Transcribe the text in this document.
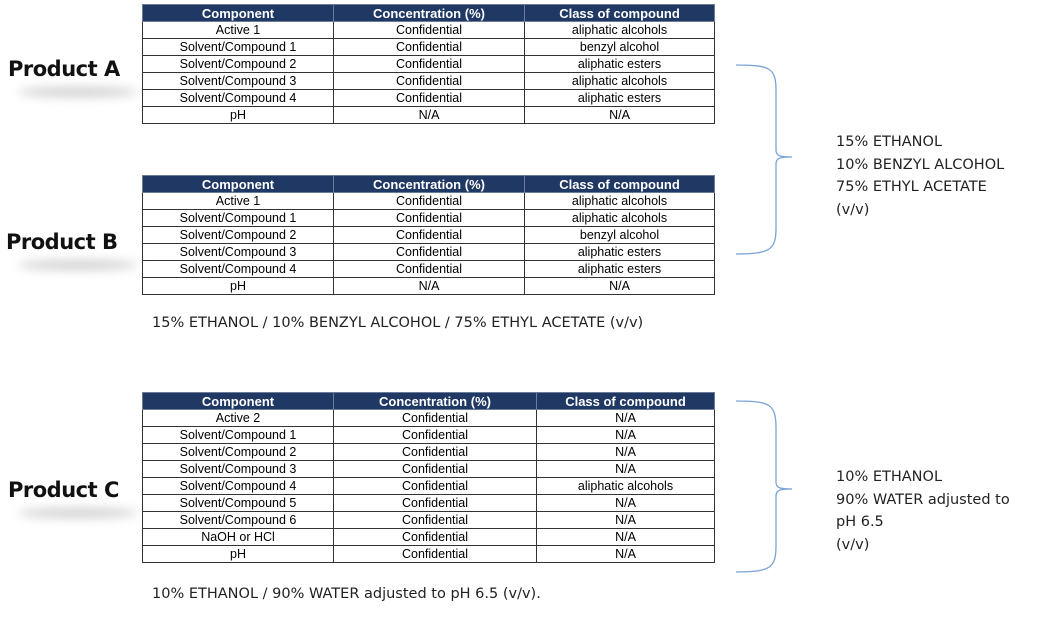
Product A
Product B
Product C
Component	Concentration (%)	Class of compound
Active 1	Confidential	aliphatic alcohols
Solvent/Compound 1	Confidential	benzyl alcohol
Solvent/Compound 2	Confidential	aliphatic esters
Solvent/Compound 3	Confidential	aliphatic alcohols
Solvent/Compound 4	Confidential	aliphatic esters
pH	N/A	N/A
Component	Concentration (%)	Class of compound
Active 1	Confidential	aliphatic alcohols
Solvent/Compound 1	Confidential	aliphatic alcohols
Solvent/Compound 2	Confidential	benzyl alcohol
Solvent/Compound 3	Confidential	aliphatic esters
Solvent/Compound 4	Confidential	aliphatic esters
pH	N/A	N/A
Component	Concentration (%)	Class of compound
Active 2	Confidential	N/A
Solvent/Compound 1	Confidential	N/A
Solvent/Compound 2	Confidential	N/A
Solvent/Compound 3	Confidential	N/A
Solvent/Compound 4	Confidential	aliphatic alcohols
Solvent/Compound 5	Confidential	N/A
Solvent/Compound 6	Confidential	N/A
NaOH or HCl	Confidential	N/A
pH	Confidential	N/A
15% ETHANOL / 10% BENZYL ALCOHOL / 75% ETHYL ACETATE (v/v)
10% ETHANOL / 90% WATER adjusted to pH 6.5 (v/v).
15% ETHANOL
10% BENZYL ALCOHOL
75% ETHYL ACETATE
(v/v)
10% ETHANOL
90% WATER adjusted to
pH 6.5
(v/v)
